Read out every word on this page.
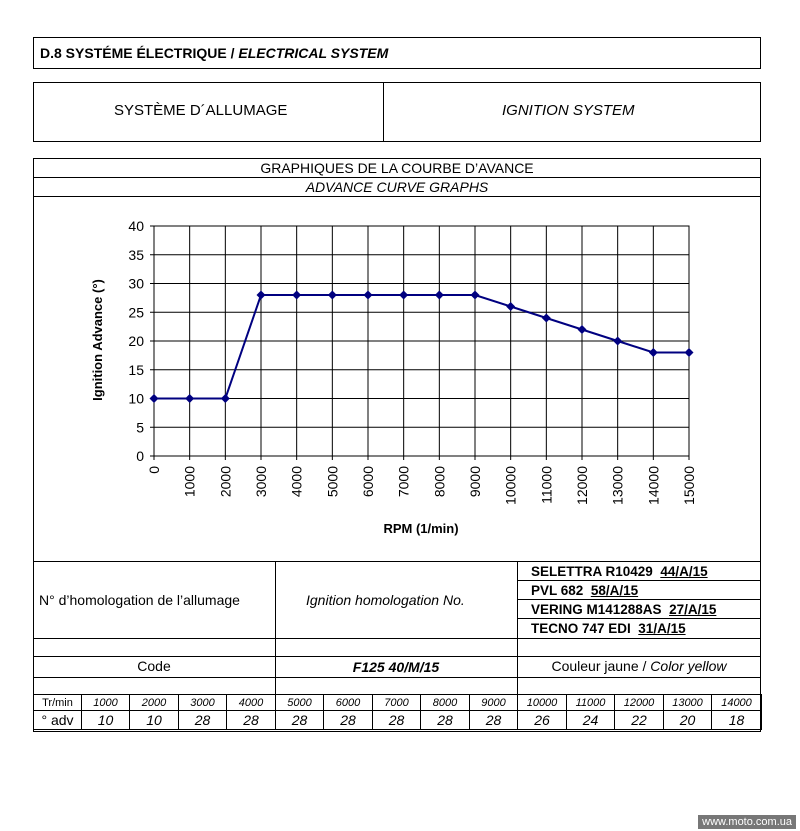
D.8 SYSTÉME ÉLECTRIQUE / ELECTRICAL SYSTEM
SYSTÈME D´ALLUMAGE	IGNITION SYSTEM
GRAPHIQUES DE LA COURBE D’AVANCE
ADVANCE CURVE GRAPHS
0
5
10
15
20
25
30
35
40
0 1000 2000 3000 4000 5000 6000 7000 8000 9000 10000 11000 12000 13000 14000 15000
Ignition Advance (°)
RPM (1/min)
N° d’homologation de l’allumage	Ignition homologation No.
SELETTRA R10429 44/A/15
PVL 682 58/A/15
VERING M141288AS 27/A/15
TECNO 747 EDI 31/A/15
Code	F125 40/M/15	Couleur jaune / Color yellow
Tr/min	1000	2000	3000	4000	5000	6000	7000	8000	9000	10000	11000	12000	13000	14000
° adv	10	10	28	28	28	28	28	28	28	26	24	22	20	18
www.moto.com.ua
